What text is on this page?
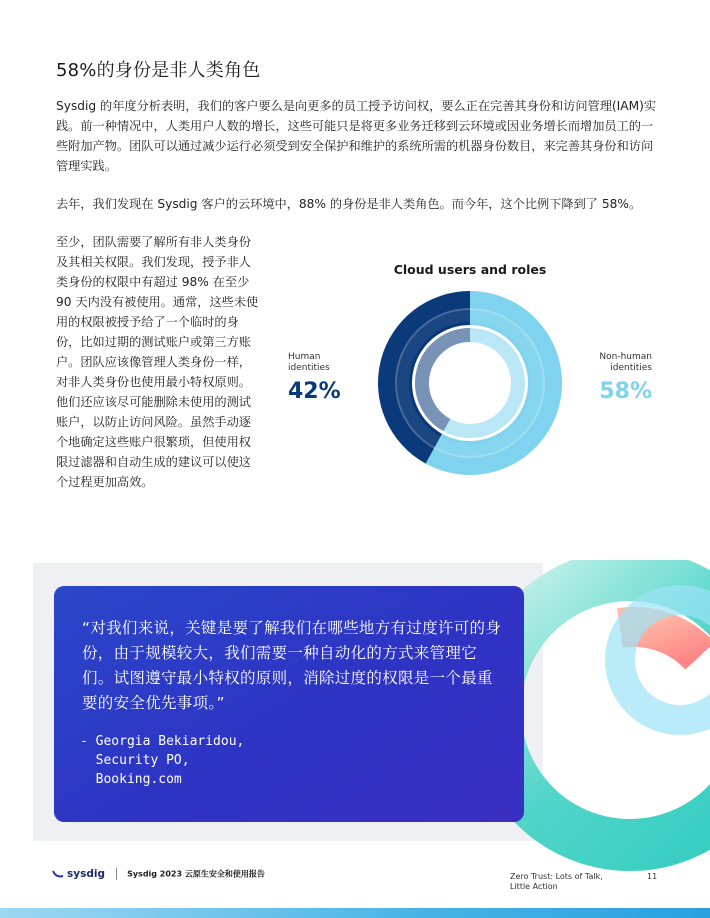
58%的身份是非人类角色
Sysdig 的年度分析表明，我们的客户要么是向更多的员工授予访问权，要么正在完善其身份和访问管理(IAM)实践。前一种情况中，人类用户人数的增长，这些可能只是将更多业务迁移到云环境或因业务增长而增加员工的一些附加产物。团队可以通过减少运行必须受到安全保护和维护的系统所需的机器身份数目，来完善其身份和访问管理实践。
去年，我们发现在 Sysdig 客户的云环境中，88% 的身份是非人类角色。而今年，这个比例下降到了 58%。
至少，团队需要了解所有非人类身份及其相关权限。我们发现，授予非人类身份的权限中有超过 98% 在至少 90 天内没有被使用。通常，这些未使用的权限被授予给了一个临时的身份，比如过期的测试账户或第三方账户。团队应该像管理人类身份一样，对非人类身份也使用最小特权原则。他们还应该尽可能删除未使用的测试账户，以防止访问风险。虽然手动逐个地确定这些账户很繁琐，但使用权限过滤器和自动生成的建议可以使这个过程更加高效。
Cloud users and roles
Human
identities
42%
Non-human
identities
58%
“对我们来说，关键是要了解我们在哪些地方有过度许可的身份，由于规模较大，我们需要一种自动化的方式来管理它们。试图遵守最小特权的原则，消除过度的权限是一个最重要的安全优先事项。”
- Georgia Bekiaridou,
Security PO,
Booking.com
sysdig	Sysdig 2023 云原生安全和使用报告	Zero Trust: Lots of Talk, Little Action
11
